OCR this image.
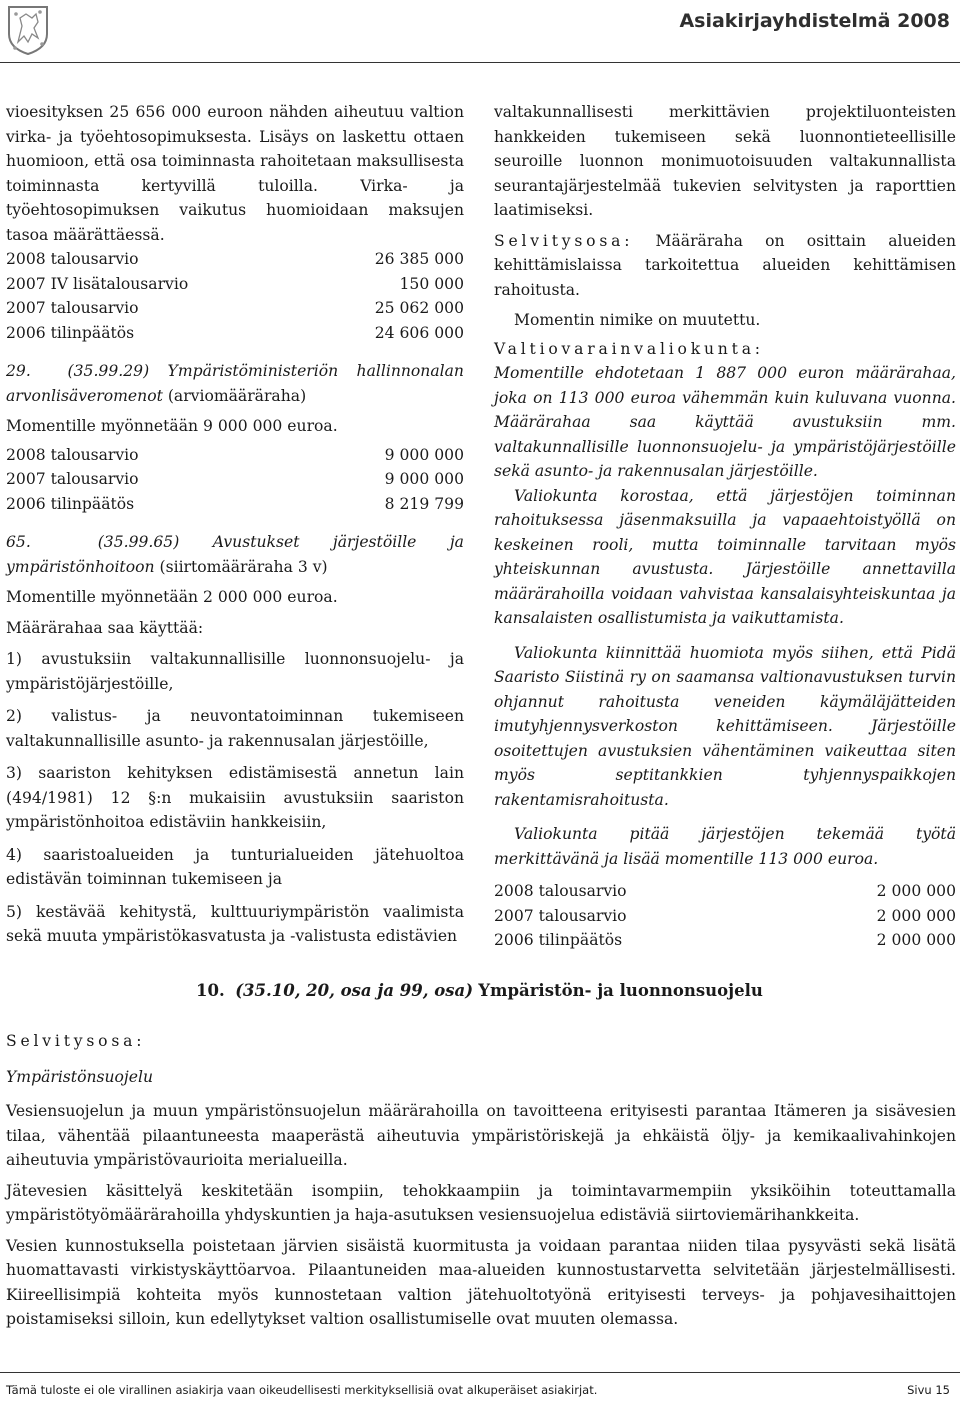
Asiakirjayhdistelmä 2008

vioesityksen 25 656 000 euroon nähden aiheutuu valtion virka- ja työehtosopimuksesta. Lisäys on laskettu ottaen huomioon, että osa toiminnasta rahoitetaan maksullisesta toiminnasta kertyvillä tuloilla. Virka- ja työehtosopimuksen vaikutus huomioidaan maksujen tasoa määrättäessä.

2008 talousarvio	26 385 000
2007 IV lisätalousarvio	150 000
2007 talousarvio	25 062 000
2006 tilinpäätös	24 606 000

29. (35.99.29) Ympäristöministeriön hallinnonalan arvonlisäveromenot (arviomääräraha)

Momentille myönnetään 9 000 000 euroa.

2008 talousarvio	9 000 000
2007 talousarvio	9 000 000
2006 tilinpäätös	8 219 799

65.	(35.99.65) Avustukset järjestöille ja ympäristönhoitoon (siirtomääräraha 3 v)

Momentille myönnetään 2 000 000 euroa.

Määrärahaa saa käyttää:

1) avustuksiin valtakunnallisille luonnonsuojelu- ja ympäristöjärjestöille,

2) valistus- ja neuvontatoiminnan tukemiseen valtakunnallisille asunto- ja rakennusalan järjestöille,

3) saariston kehityksen edistämisestä annetun lain (494/1981) 12 §:n mukaisiin avustuksiin saariston ympäristönhoitoa edistäviin hankkeisiin,

4) saaristoalueiden ja tunturialueiden jätehuoltoa edistävän toiminnan tukemiseen ja

5) kestävää kehitystä, kulttuuriympäristön vaalimista sekä muuta ympäristökasvatusta ja -valistusta edistävien

valtakunnallisesti merkittävien projektiluonteisten hankkeiden tukemiseen sekä luonnontieteellisille seuroille luonnon monimuotoisuuden valtakunnallista seurantajärjestelmää tukevien selvitysten ja raporttien laatimiseksi.

Selvitysosa: Määräraha on osittain alueiden kehittämislaissa tarkoitettua alueiden kehittämisen rahoitusta.

Momentin nimike on muutettu.

Valtiovarainvaliokunta:

Momentille ehdotetaan 1 887 000 euron määrärahaa, joka on 113 000 euroa vähemmän kuin kuluvana vuonna. Määrärahaa saa käyttää avustuksiin mm. valtakunnallisille luonnonsuojelu- ja ympäristöjärjestöille sekä asunto- ja rakennusalan järjestöille.

Valiokunta korostaa, että järjestöjen toiminnan rahoituksessa jäsenmaksuilla ja vapaaehtoistyöllä on keskeinen rooli, mutta toiminnalle tarvitaan myös yhteiskunnan avustusta. Järjestöille annettavilla määrärahoilla voidaan vahvistaa kansalaisyhteiskuntaa ja kansalaisten osallistumista ja vaikuttamista.

Valiokunta kiinnittää huomiota myös siihen, että Pidä Saaristo Siistinä ry on saamansa valtionavustuksen turvin ohjannut rahoitusta veneiden käymäläjätteiden imutyhjennysverkoston kehittämiseen. Järjestöille osoitettujen avustuksien vähentäminen vaikeuttaa siten myös septitankkien tyhjennyspaikkojen rakentamisrahoitusta.

Valiokunta pitää järjestöjen tekemää työtä merkittävänä ja lisää momentille 113 000 euroa.

2008 talousarvio	2 000 000
2007 talousarvio	2 000 000
2006 tilinpäätös	2 000 000
10. (35.10, 20, osa ja 99, osa) Ympäristön- ja luonnonsuojelu
Selvitysosa:
Ympäristönsuojelu

Vesiensuojelun ja muun ympäristönsuojelun määrärahoilla on tavoitteena erityisesti parantaa Itämeren ja sisävesien tilaa, vähentää pilaantuneesta maaperästä aiheutuvia ympäristöriskejä ja ehkäistä öljy- ja kemikaalivahinkojen aiheutuvia ympäristövaurioita merialueilla.

Jätevesien käsittelyä keskitetään isompiin, tehokkaampiin ja toimintavarmempiin yksiköihin toteuttamalla ympäristötyömäärärahoilla yhdyskuntien ja haja-asutuksen vesiensuojelua edistäviä siirtoviemärihankkeita.

Vesien kunnostuksella poistetaan järvien sisäistä kuormitusta ja voidaan parantaa niiden tilaa pysyvästi sekä lisätä huomattavasti virkistyskäyttöarvoa. Pilaantuneiden maa-alueiden kunnostustarvetta selvitetään järjestelmällisesti. Kiireellisimpiä kohteita myös kunnostetaan valtion jätehuoltotyönä erityisesti terveys- ja pohjavesihaittojen poistamiseksi silloin, kun edellytykset valtion osallistumiselle ovat muuten olemassa.

Tämä tuloste ei ole virallinen asiakirja vaan oikeudellisesti merkityksellisiä ovat alkuperäiset asiakirjat.	Sivu 15
